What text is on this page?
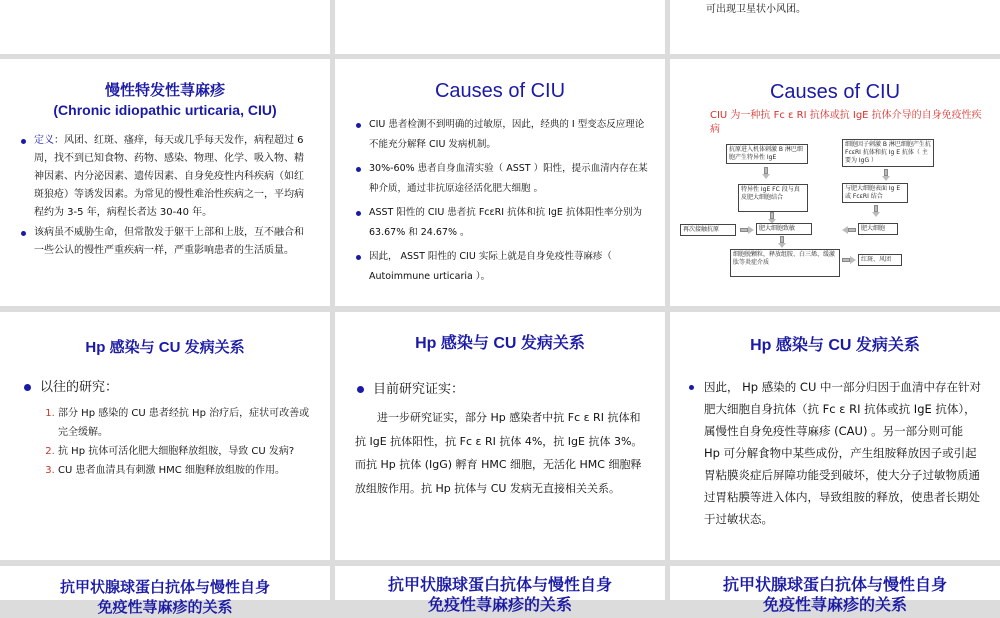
可出现卫星状小风团。
慢性特发性荨麻疹
(Chronic idiopathic urticaria, CIU)
定义：风团、红斑、瘙痒，每天或几乎每天发作，病程超过 6 周，找不到已知食物、药物、感染、物理、化学、吸入物、精神因素、内分泌因素、遗传因素、自身免疫性内科疾病（如红斑狼疮）等诱发因素。为常见的慢性难治性疾病之一，平均病程约为 3-5 年，病程长者达 30-40 年。
该病虽不威胁生命，但常散发于躯干上部和上肢，互不融合和一些公认的慢性严重疾病一样，严重影响患者的生活质量。
Causes of CIU
CIU 患者检测不到明确的过敏原，因此，经典的 I 型变态反应理论不能充分解释 CIU 发病机制。
30%-60% 患者自身血清实验（ ASST ）阳性，提示血清内存在某种介质，通过非抗原途径活化肥大细胞 。
ASST 阳性的 CIU 患者抗 FcεRI 抗体和抗 IgE 抗体阳性率分别为 63.67% 和 24.67% 。
因此， ASST 阳性的 CIU 实际上就是自身免疫性荨麻疹（ Autoimmune urticaria ）。
Causes of CIU
CIU 为一种抗 Fc ε RI 抗体或抗 IgE 抗体介导的自身免疫性疾病
抗原进入机体刺激 B 淋巴细胞产生特异性 IgE
细胞因子刺激 B 淋巴细胞产生抗 FcεRI 抗体和抗 Ig E 抗体（ 主要为 IgG ）
特异性 IgE FC 段与真皮肥大细胞结合
与肥大细胞表面 Ig E 或 FcεRI 结合
再次接触抗原	肥大细胞致敏	肥大细胞
细胞脱颗粒，释放组胺、白三烯、缓激肽等炎症介质	红斑、风团
Hp 感染与 CU 发病关系
以往的研究：
1. 部分 Hp 感染的 CU 患者经抗 Hp 治疗后，症状可改善或完全缓解。
2. 抗 Hp 抗体可活化肥大细胞释放组胺，导致 CU 发病?
3. CU 患者血清具有刺激 HMC 细胞释放组胺的作用。
Hp 感染与 CU 发病关系
目前研究证实：
进一步研究证实，部分 Hp 感染者中抗 Fc ε RI 抗体和抗 IgE 抗体阳性，抗 Fc ε RI 抗体 4%，抗 IgE 抗体 3%。而抗 Hp 抗体 (IgG) 孵育 HMC 细胞，无活化 HMC 细胞释放组胺作用。抗 Hp 抗体与 CU 发病无直接相关关系。
Hp 感染与 CU 发病关系
因此， Hp 感染的 CU 中一部分归因于血清中存在针对肥大细胞自身抗体（抗 Fc ε RI 抗体或抗 IgE 抗体），属慢性自身免疫性荨麻疹 (CAU) 。另一部分则可能 Hp 可分解食物中某些成份，产生组胺释放因子或引起胃粘膜炎症后屏障功能受到破坏，使大分子过敏物质通过胃粘膜等进入体内，导致组胺的释放，使患者长期处于过敏状态。
抗甲状腺球蛋白抗体与慢性自身
免疫性荨麻疹的关系
抗甲状腺球蛋白抗体与慢性自身
免疫性荨麻疹的关系
抗甲状腺球蛋白抗体与慢性自身
免疫性荨麻疹的关系
